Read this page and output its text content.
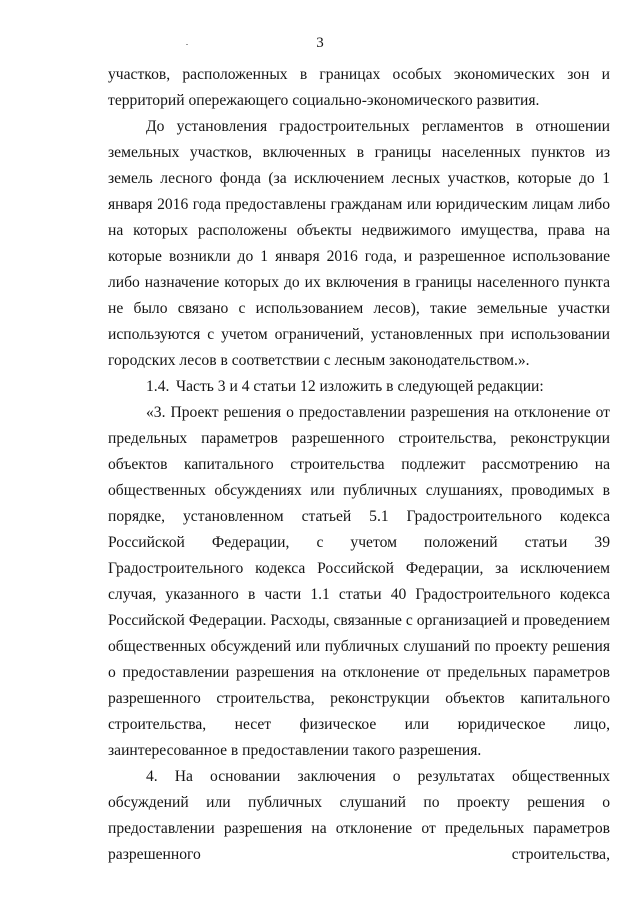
3

участков, расположенных в границах особых экономических зон и территорий опережающего социально-экономического развития.

До установления градостроительных регламентов в отношении земельных участков, включенных в границы населенных пунктов из земель лесного фонда (за исключением лесных участков, которые до 1 января 2016 года предоставлены гражданам или юридическим лицам либо на которых расположены объекты недвижимого имущества, права на которые возникли до 1 января 2016 года, и разрешенное использование либо назначение которых до их включения в границы населенного пункта не было связано с использованием лесов), такие земельные участки используются с учетом ограничений, установленных при использовании городских лесов в соответствии с лесным законодательством.».

1.4. Часть 3 и 4 статьи 12 изложить в следующей редакции:

«3. Проект решения о предоставлении разрешения на отклонение от предельных параметров разрешенного строительства, реконструкции объектов капитального строительства подлежит рассмотрению на общественных обсуждениях или публичных слушаниях, проводимых в порядке, установленном статьей 5.1 Градостроительного кодекса Российской Федерации, с учетом положений статьи 39 Градостроительного кодекса Российской Федерации, за исключением случая, указанного в части 1.1 статьи 40 Градостроительного кодекса Российской Федерации. Расходы, связанные с организацией и проведением общественных обсуждений или публичных слушаний по проекту решения о предоставлении разрешения на отклонение от предельных параметров разрешенного строительства, реконструкции объектов капитального строительства, несет физическое или юридическое лицо, заинтересованное в предоставлении такого разрешения.

4. На основании заключения о результатах общественных обсуждений или публичных слушаний по проекту решения о предоставлении разрешения на отклонение от предельных параметров разрешенного строительства,
